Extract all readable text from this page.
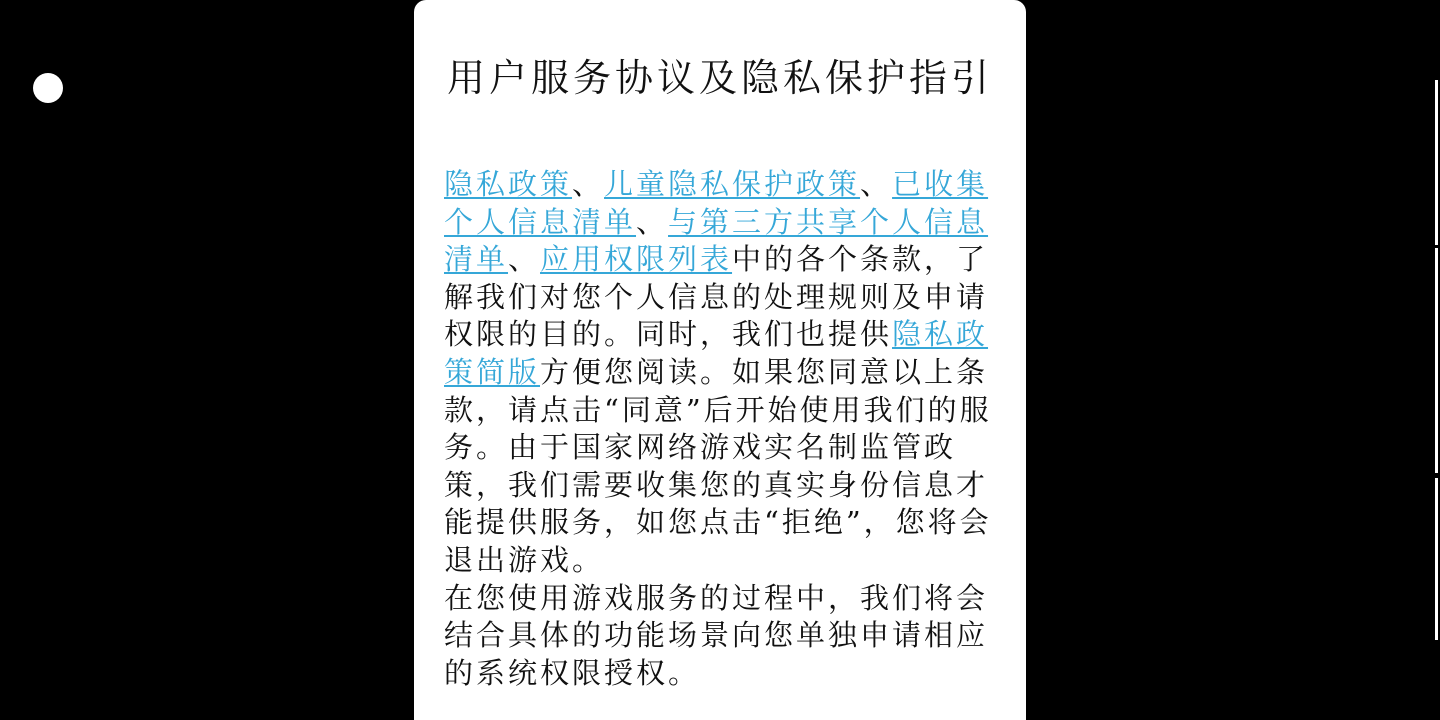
用户服务协议及隐私保护指引

隐私政策、儿童隐私保护政策、已收集个人信息清单、与第三方共享个人信息清单、应用权限列表中的各个条款，了解我们对您个人信息的处理规则及申请权限的目的。同时，我们也提供隐私政策简版方便您阅读。如果您同意以上条款，请点击“同意”后开始使用我们的服务。由于国家网络游戏实名制监管政策，我们需要收集您的真实身份信息才能提供服务，如您点击“拒绝”，您将会退出游戏。

在您使用游戏服务的过程中，我们将会结合具体的功能场景向您单独申请相应的系统权限授权。
